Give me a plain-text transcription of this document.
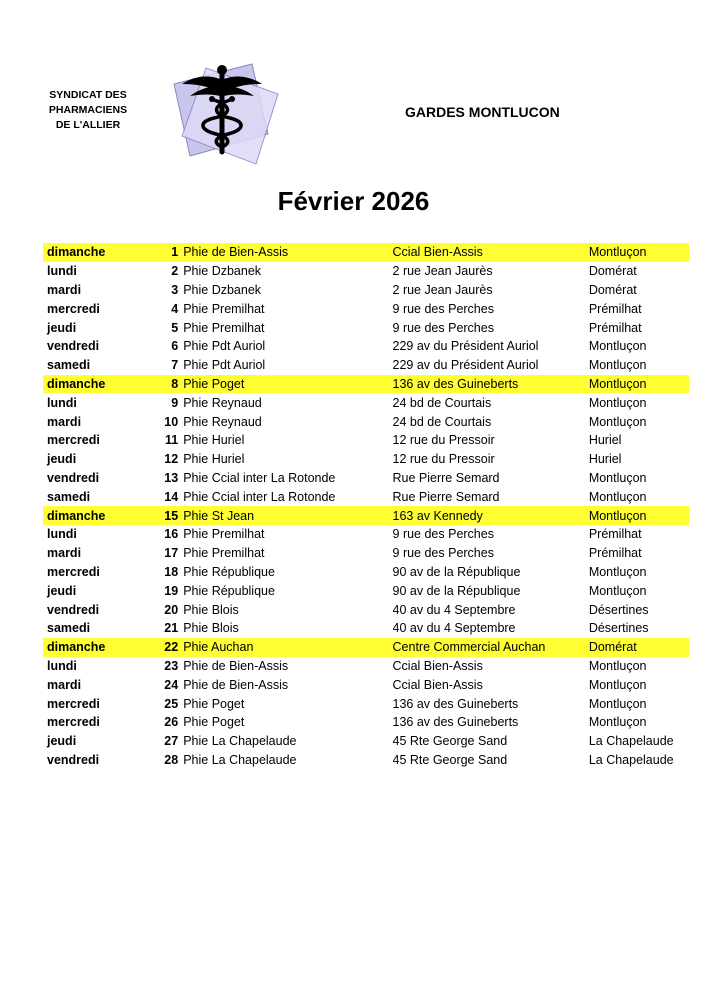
SYNDICAT DES
PHARMACIENS
DE L'ALLIER
GARDES MONTLUCON
Février 2026
dimanche	1	Phie de Bien-Assis	Ccial Bien-Assis	Montluçon
lundi	2	Phie Dzbanek	2 rue Jean Jaurès	Domérat
mardi	3	Phie Dzbanek	2 rue Jean Jaurès	Domérat
mercredi	4	Phie Premilhat	9 rue des Perches	Prémilhat
jeudi	5	Phie Premilhat	9 rue des Perches	Prémilhat
vendredi	6	Phie Pdt Auriol	229 av du Président Auriol	Montluçon
samedi	7	Phie Pdt Auriol	229 av du Président Auriol	Montluçon
dimanche	8	Phie Poget	136 av des Guineberts	Montluçon
lundi	9	Phie Reynaud	24 bd de Courtais	Montluçon
mardi	10	Phie Reynaud	24 bd de Courtais	Montluçon
mercredi	11	Phie Huriel	12 rue du Pressoir	Huriel
jeudi	12	Phie Huriel	12 rue du Pressoir	Huriel
vendredi	13	Phie Ccial inter La Rotonde	Rue Pierre Semard	Montluçon
samedi	14	Phie Ccial inter La Rotonde	Rue Pierre Semard	Montluçon
dimanche	15	Phie St Jean	163 av Kennedy	Montluçon
lundi	16	Phie Premilhat	9 rue des Perches	Prémilhat
mardi	17	Phie Premilhat	9 rue des Perches	Prémilhat
mercredi	18	Phie République	90 av de la République	Montluçon
jeudi	19	Phie République	90 av de la République	Montluçon
vendredi	20	Phie Blois	40 av du 4 Septembre	Désertines
samedi	21	Phie Blois	40 av du 4 Septembre	Désertines
dimanche	22	Phie Auchan	Centre Commercial Auchan	Domérat
lundi	23	Phie de Bien-Assis	Ccial Bien-Assis	Montluçon
mardi	24	Phie de Bien-Assis	Ccial Bien-Assis	Montluçon
mercredi	25	Phie Poget	136 av des Guineberts	Montluçon
mercredi	26	Phie Poget	136 av des Guineberts	Montluçon
jeudi	27	Phie La Chapelaude	45 Rte George Sand	La Chapelaude
vendredi	28	Phie La Chapelaude	45 Rte George Sand	La Chapelaude
